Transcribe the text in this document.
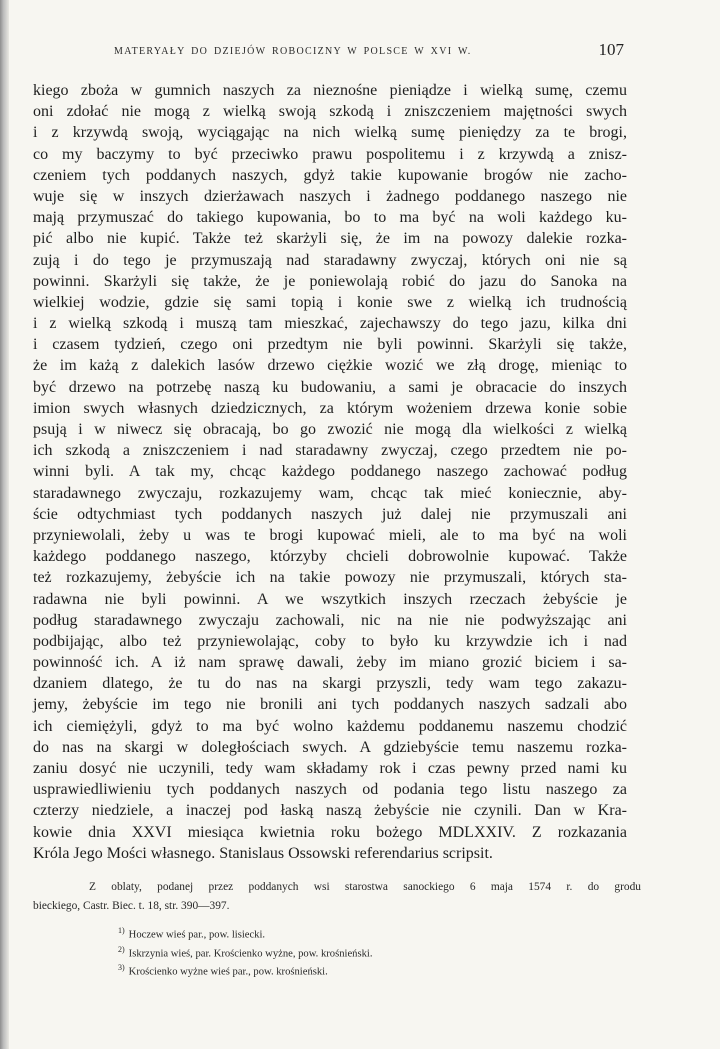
MATERYAŁY DO DZIEJÓW ROBOCIZNY W POLSCE W XVI W.	107
kiego zboża w gumnich naszych za nieznośne pieniądze i wielką sumę, czemu
oni zdołać nie mogą z wielką swoją szkodą i zniszczeniem majętności swych
i z krzywdą swoją, wyciągając na nich wielką sumę pieniędzy za te brogi,
co my baczymy to być przeciwko prawu pospolitemu i z krzywdą a znisz-
czeniem tych poddanych naszych, gdyż takie kupowanie brogów nie zacho-
wuje się w inszych dzierżawach naszych i żadnego poddanego naszego nie
mają przymuszać do takiego kupowania, bo to ma być na woli każdego ku-
pić albo nie kupić. Także też skarżyli się, że im na powozy dalekie rozka-
zują i do tego je przymuszają nad staradawny zwyczaj, których oni nie są
powinni. Skarżyli się także, że je poniewolają robić do jazu do Sanoka na
wielkiej wodzie, gdzie się sami topią i konie swe z wielką ich trudnością
i z wielką szkodą i muszą tam mieszkać, zajechawszy do tego jazu, kilka dni
i czasem tydzień, czego oni przedtym nie byli powinni. Skarżyli się także,
że im każą z dalekich lasów drzewo ciężkie wozić we złą drogę, mieniąc to
być drzewo na potrzebę naszą ku budowaniu, a sami je obracacie do inszych
imion swych własnych dziedzicznych, za którym wożeniem drzewa konie sobie
psują i w niwecz się obracają, bo go zwozić nie mogą dla wielkości z wielką
ich szkodą a zniszczeniem i nad staradawny zwyczaj, czego przedtem nie po-
winni byli. A tak my, chcąc każdego poddanego naszego zachować podług
staradawnego zwyczaju, rozkazujemy wam, chcąc tak mieć koniecznie, aby-
ście odtychmiast tych poddanych naszych już dalej nie przymuszali ani
przyniewolali, żeby u was te brogi kupować mieli, ale to ma być na woli
każdego poddanego naszego, którzyby chcieli dobrowolnie kupować. Także
też rozkazujemy, żebyście ich na takie powozy nie przymuszali, których sta-
radawna nie byli powinni. A we wszytkich inszych rzeczach żebyście je
podług staradawnego zwyczaju zachowali, nic na nie nie podwyższając ani
podbijając, albo też przyniewolając, coby to było ku krzywdzie ich i nad
powinność ich. A iż nam sprawę dawali, żeby im miano grozić biciem i sa-
dzaniem dlatego, że tu do nas na skargi przyszli, tedy wam tego zakazu-
jemy, żebyście im tego nie bronili ani tych poddanych naszych sadzali abo
ich ciemiężyli, gdyż to ma być wolno każdemu poddanemu naszemu chodzić
do nas na skargi w doległościach swych. A gdziebyście temu naszemu rozka-
zaniu dosyć nie uczynili, tedy wam składamy rok i czas pewny przed nami ku
usprawiedliwieniu tych poddanych naszych od podania tego listu naszego za
czterzy niedziele, a inaczej pod łaską naszą żebyście nie czynili. Dan w Kra-
kowie dnia XXVI miesiąca kwietnia roku bożego MDLXXIV. Z rozkazania
Króla Jego Mości własnego. Stanislaus Ossowski referendarius scripsit.
Z oblaty, podanej przez poddanych wsi starostwa sanockiego 6 maja 1574 r. do grodu
bieckiego, Castr. Biec. t. 18, str. 390—397.
$^{1)}$ Hoczew wieś par., pow. lisiecki.
$^{2)}$ Iskrzynia wieś, par. Krościenko wyżne, pow. krośnieński.
$^{3)}$ Krościenko wyżne wieś par., pow. krośnieński.
